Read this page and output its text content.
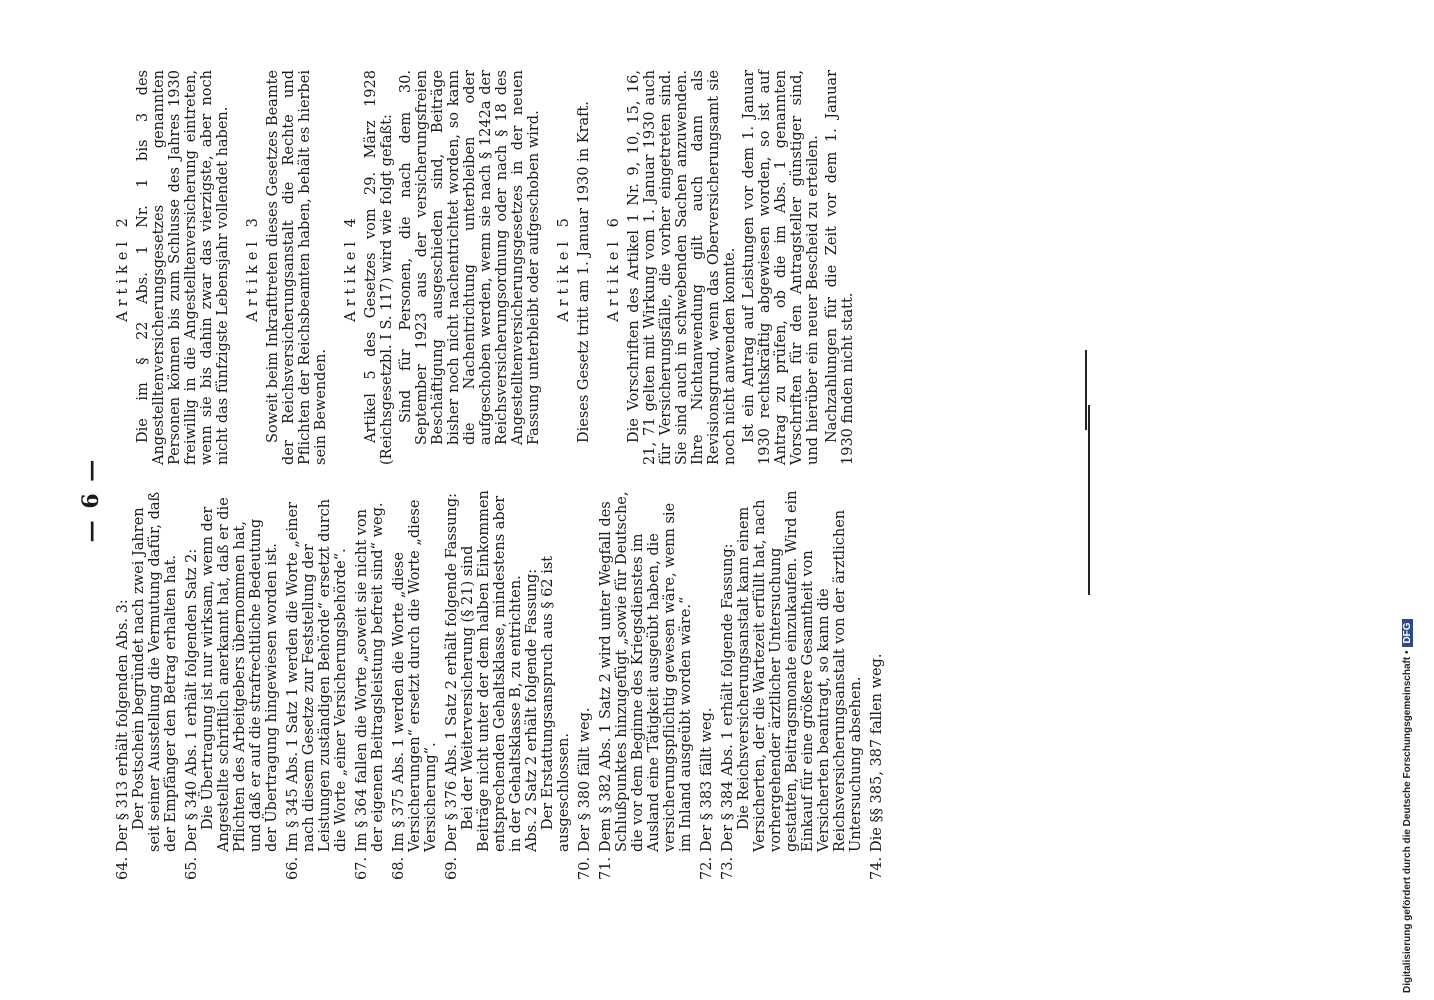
— 6 —
64.

Der § 313 erhält folgenden Abs. 3: Der Postschein begründet nach zwei Jahren seit seiner Ausstellung die Vermutung dafür, daß der Empfänger den Betrag erhalten hat.

65.

Der § 340 Abs. 1 erhält folgenden Satz 2: Die Übertragung ist nur wirksam, wenn der Angestellte schriftlich anerkannt hat, daß er die Pflichten des Arbeitgebers übernommen hat, und daß er auf die strafrechtliche Bedeutung der Übertragung hingewiesen worden ist.

66.

Im § 345 Abs. 1 Satz 1 werden die Worte „einer nach diesem Gesetze zur Feststellung der Leistungen zuständigen Behörde“ ersetzt durch die Worte „einer Versicherungsbehörde“.

67.

Im § 364 fallen die Worte „soweit sie nicht von der eigenen Beitragsleistung befreit sind“ weg.

68.

Im § 375 Abs. 1 werden die Worte „diese Versicherungen“ ersetzt durch die Worte „diese Versicherung“.

69.

Der § 376 Abs. 1 Satz 2 erhält folgende Fassung: Bei der Weiterversicherung (§ 21) sind Beiträge nicht unter der dem halben Einkommen entsprechenden Gehaltsklasse, mindestens aber in der Gehaltsklasse B, zu entrichten. Abs. 2 Satz 2 erhält folgende Fassung: Der Erstattungsanspruch aus § 62 ist ausgeschlossen.

70.

Der § 380 fällt weg.

71.

Dem § 382 Abs. 1 Satz 2 wird unter Wegfall des Schlußpunktes hinzugefügt „sowie für Deutsche, die vor dem Beginne des Kriegsdienstes im Ausland eine Tätigkeit ausgeübt haben, die versicherungspflichtig gewesen wäre, wenn sie im Inland ausgeübt worden wäre.“

72.

Der § 383 fällt weg.

73.

Der § 384 Abs. 1 erhält folgende Fassung: Die Reichsversicherungsanstalt kann einem Versicherten, der die Wartezeit erfüllt hat, nach vorhergehender ärztlicher Untersuchung gestatten, Beitragsmonate einzukaufen. Wird ein Einkauf für eine größere Gesamtheit von Versicherten beantragt, so kann die Reichsversicherungsanstalt von der ärztlichen Untersuchung absehen.

74.

Die §§ 385, 387 fallen weg.

Artikel 2 Die im § 22 Abs. 1 Nr. 1 bis 3 des Angestelltenversicherungsgesetzes genannten Personen können bis zum Schlusse des Jahres 1930 freiwillig in die Angestelltenversicherung eintreten, wenn sie bis dahin zwar das vierzigste, aber noch nicht das fünfzigste Lebensjahr vollendet haben. Artikel 3 Soweit beim Inkrafttreten dieses Gesetzes Beamte der Reichsversicherungsanstalt die Rechte und Pflichten der Reichsbeamten haben, behält es hierbei sein Bewenden.

Artikel 4 Artikel 5 des Gesetzes vom 29. März 1928 (Reichsgesetzbl. I S. 117) wird wie folgt gefaßt: Sind für Personen, die nach dem 30. September 1923 aus der versicherungsfreien Beschäftigung ausgeschieden sind, Beiträge bisher noch nicht nachentrichtet worden, so kann die Nachentrichtung unterbleiben oder aufgeschoben werden, wenn sie nach § 1242a der Reichsversicherungsordnung oder nach § 18 des Angestelltenversicherungsgesetzes in der neuen Fassung unterbleibt oder aufgeschoben wird. Artikel 5 Dieses Gesetz tritt am 1. Januar 1930 in Kraft. Artikel 6 Die Vorschriften des Artikel 1 Nr. 9, 10, 15, 16, 21, 71 gelten mit Wirkung vom 1. Januar 1930 auch für Versicherungsfälle, die vorher eingetreten sind. Sie sind auch in schwebenden Sachen anzuwenden. Ihre Nichtanwendung gilt auch dann als Revisionsgrund, wenn das Oberversicherungsamt sie noch nicht anwenden konnte. Ist ein Antrag auf Leistungen vor dem 1. Januar 1930 rechtskräftig abgewiesen worden, so ist auf Antrag zu prüfen, ob die im Abs. 1 genannten Vorschriften für den Antragsteller günstiger sind, und hierüber ein neuer Bescheid zu erteilen. Nachzahlungen für die Zeit vor dem 1. Januar 1930 finden nicht statt.

Digitalisierung gefördert durch die Deutsche Forschungsgemeinschaft •DFG
